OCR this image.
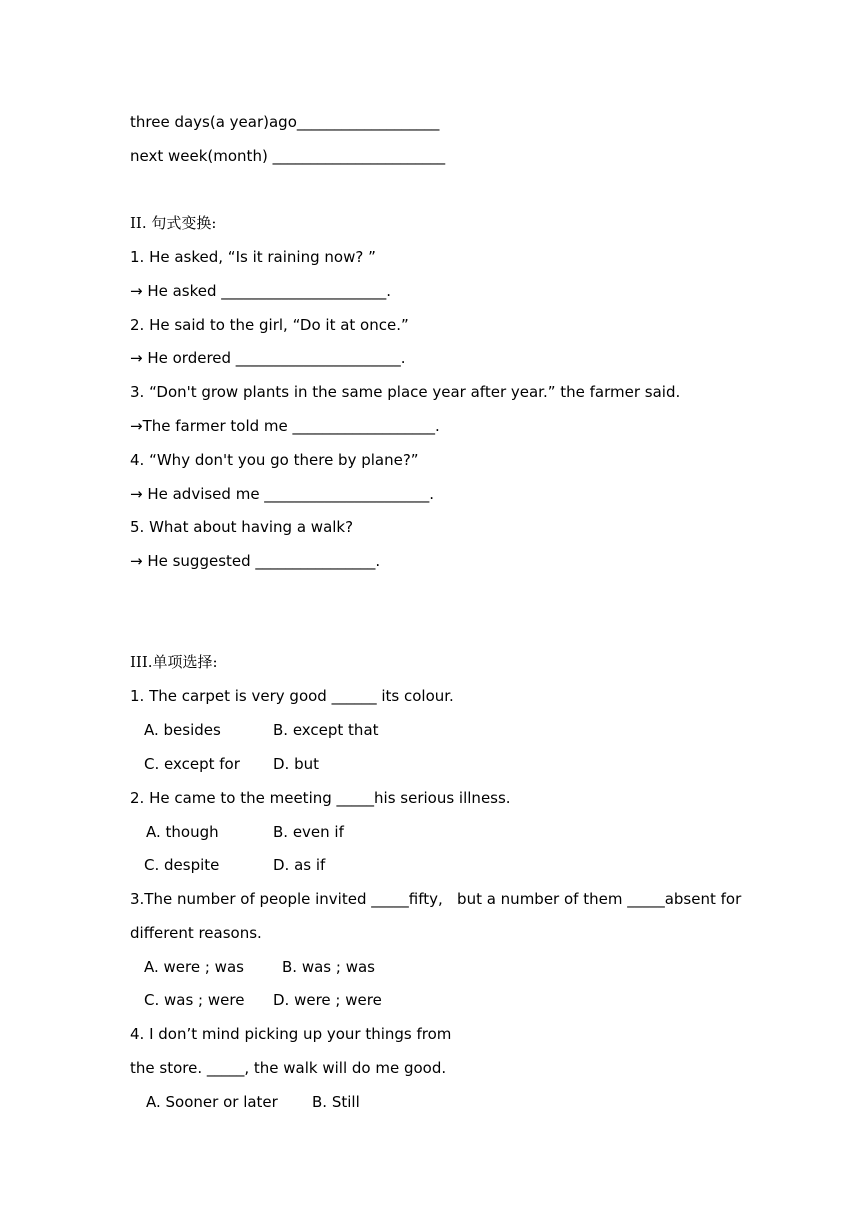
three days(a year)ago___________________
next week(month) _______________________
II. 句式变换:
1. He asked, “Is it raining now? ”
→ He asked ______________________.
2. He said to the girl, “Do it at once.”
→ He ordered ______________________.
3. “Don't grow plants in the same place year after year.” the farmer said.
→The farmer told me ___________________.
4. “Why don't you go there by plane?”
→ He advised me ______________________.
5. What about having a walk?
→ He suggested ________________.
III.单项选择:
1. The carpet is very good ______ its colour.
A. besides	B. except that
C. except for D. but
2. He came to the meeting _____his serious illness.
A. though	B. even if
C. despite	D. as if
3.The number of people invited _____fifty,   but a number of them _____absent for
different reasons.
A. were ; was	B. was ; was
C. was ; were D. were ; were
4. I don’t mind picking up your things from
the store. _____, the walk will do me good.
A. Sooner or later B. Still
